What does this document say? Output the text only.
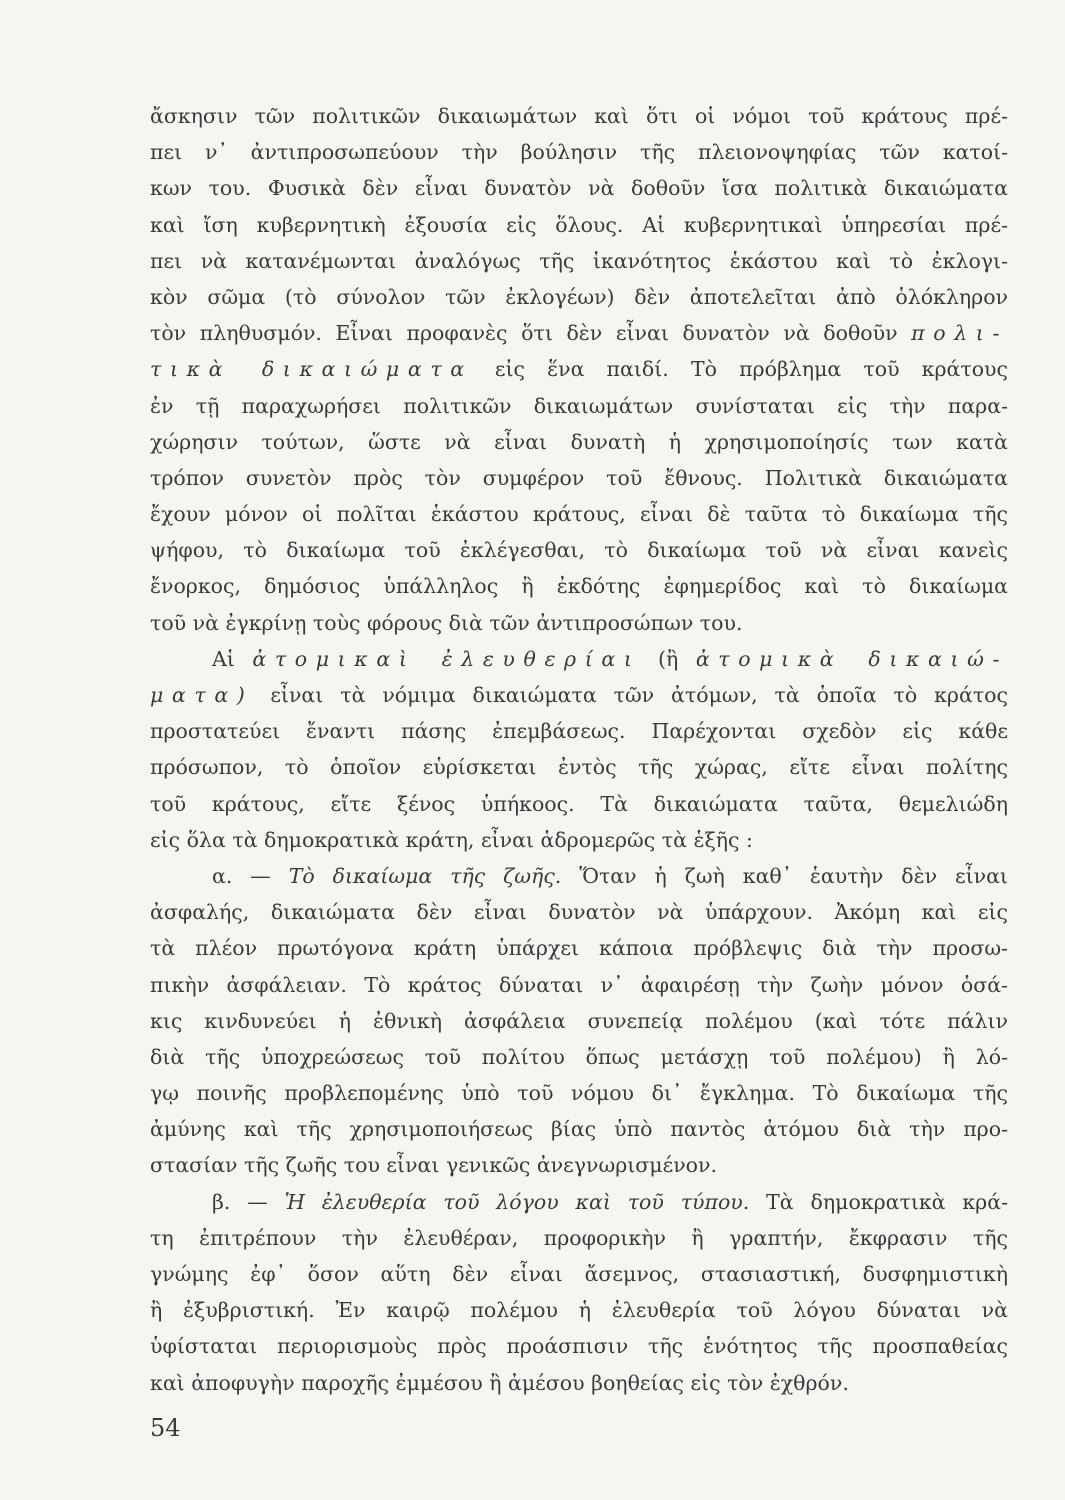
ἄσκησιν τῶν πολιτικῶν δικαιωμάτων καὶ ὅτι οἱ νόμοι τοῦ κράτους πρέ-
πει ν᾽ ἀντιπροσωπεύουν τὴν βούλησιν τῆς πλειονοψηφίας τῶν κατοί-
κων του. Φυσικὰ δὲν εἶναι δυνατὸν νὰ δοθοῦν ἴσα πολιτικὰ δικαιώματα
καὶ ἴση κυβερνητικὴ ἐξουσία εἰς ὅλους. Αἱ κυβερνητικαὶ ὑπηρεσίαι πρέ-
πει νὰ κατανέμωνται ἀναλόγως τῆς ἱκανότητος ἑκάστου καὶ τὸ ἐκλογι-
κὸν σῶμα (τὸ σύνολον τῶν ἐκλογέων) δὲν ἀποτελεῖται ἀπὸ ὁλόκληρον
τὸν πληθυσμόν. Εἶναι προφανὲς ὅτι δὲν εἶναι δυνατὸν νὰ δοθοῦν πολι-
τικὰ δικαιώματα εἰς ἕνα παιδί. Τὸ πρόβλημα τοῦ κράτους
ἐν τῇ παραχωρήσει πολιτικῶν δικαιωμάτων συνίσταται εἰς τὴν παρα-
χώρησιν τούτων, ὥστε νὰ εἶναι δυνατὴ ἡ χρησιμοποίησίς των κατὰ
τρόπον συνετὸν πρὸς τὸν συμφέρον τοῦ ἔθνους. Πολιτικὰ δικαιώματα
ἔχουν μόνον οἱ πολῖται ἑκάστου κράτους, εἶναι δὲ ταῦτα τὸ δικαίωμα τῆς
ψήφου, τὸ δικαίωμα τοῦ ἐκλέγεσθαι, τὸ δικαίωμα τοῦ νὰ εἶναι κανεὶς
ἔνορκος, δημόσιος ὑπάλληλος ἢ ἐκδότης ἐφημερίδος καὶ τὸ δικαίωμα
τοῦ νὰ ἐγκρίνῃ τοὺς φόρους διὰ τῶν ἀντιπροσώπων του.
Αἱ ἀτομικαὶ ἐλευθερίαι (ἢ ἀτομικὰ δικαιώ-
ματα) εἶναι τὰ νόμιμα δικαιώματα τῶν ἀτόμων, τὰ ὁποῖα τὸ κράτος
προστατεύει ἔναντι πάσης ἐπεμβάσεως. Παρέχονται σχεδὸν εἰς κάθε
πρόσωπον, τὸ ὁποῖον εὑρίσκεται ἐντὸς τῆς χώρας, εἴτε εἶναι πολίτης
τοῦ κράτους, εἴτε ξένος ὑπήκοος. Τὰ δικαιώματα ταῦτα, θεμελιώδη
εἰς ὅλα τὰ δημοκρατικὰ κράτη, εἶναι ἁδρομερῶς τὰ ἑξῆς :
α. — Τὸ δικαίωμα τῆς ζωῆς. Ὅταν ἡ ζωὴ καθ᾽ ἑαυτὴν δὲν εἶναι
ἀσφαλής, δικαιώματα δὲν εἶναι δυνατὸν νὰ ὑπάρχουν. Ἀκόμη καὶ εἰς
τὰ πλέον πρωτόγονα κράτη ὑπάρχει κάποια πρόβλεψις διὰ τὴν προσω-
πικὴν ἀσφάλειαν. Τὸ κράτος δύναται ν᾽ ἀφαιρέσῃ τὴν ζωὴν μόνον ὁσά-
κις κινδυνεύει ἡ ἐθνικὴ ἀσφάλεια συνεπείᾳ πολέμου (καὶ τότε πάλιν
διὰ τῆς ὑποχρεώσεως τοῦ πολίτου ὅπως μετάσχῃ τοῦ πολέμου) ἢ λό-
γῳ ποινῆς προβλεπομένης ὑπὸ τοῦ νόμου δι᾽ ἔγκλημα. Τὸ δικαίωμα τῆς
ἀμύνης καὶ τῆς χρησιμοποιήσεως βίας ὑπὸ παντὸς ἀτόμου διὰ τὴν προ-
στασίαν τῆς ζωῆς του εἶναι γενικῶς ἀνεγνωρισμένον.
β. — Ἡ ἐλευθερία τοῦ λόγου καὶ τοῦ τύπου. Τὰ δημοκρατικὰ κρά-
τη ἐπιτρέπουν τὴν ἐλευθέραν, προφορικὴν ἢ γραπτήν, ἔκφρασιν τῆς
γνώμης ἐφ᾽ ὅσον αὕτη δὲν εἶναι ἄσεμνος, στασιαστική, δυσφημιστικὴ
ἢ ἐξυβριστική. Ἐν καιρῷ πολέμου ἡ ἐλευθερία τοῦ λόγου δύναται νὰ
ὑφίσταται περιορισμοὺς πρὸς προάσπισιν τῆς ἑνότητος τῆς προσπαθείας
καὶ ἀποφυγὴν παροχῆς ἐμμέσου ἢ ἀμέσου βοηθείας εἰς τὸν ἐχθρόν.
54
